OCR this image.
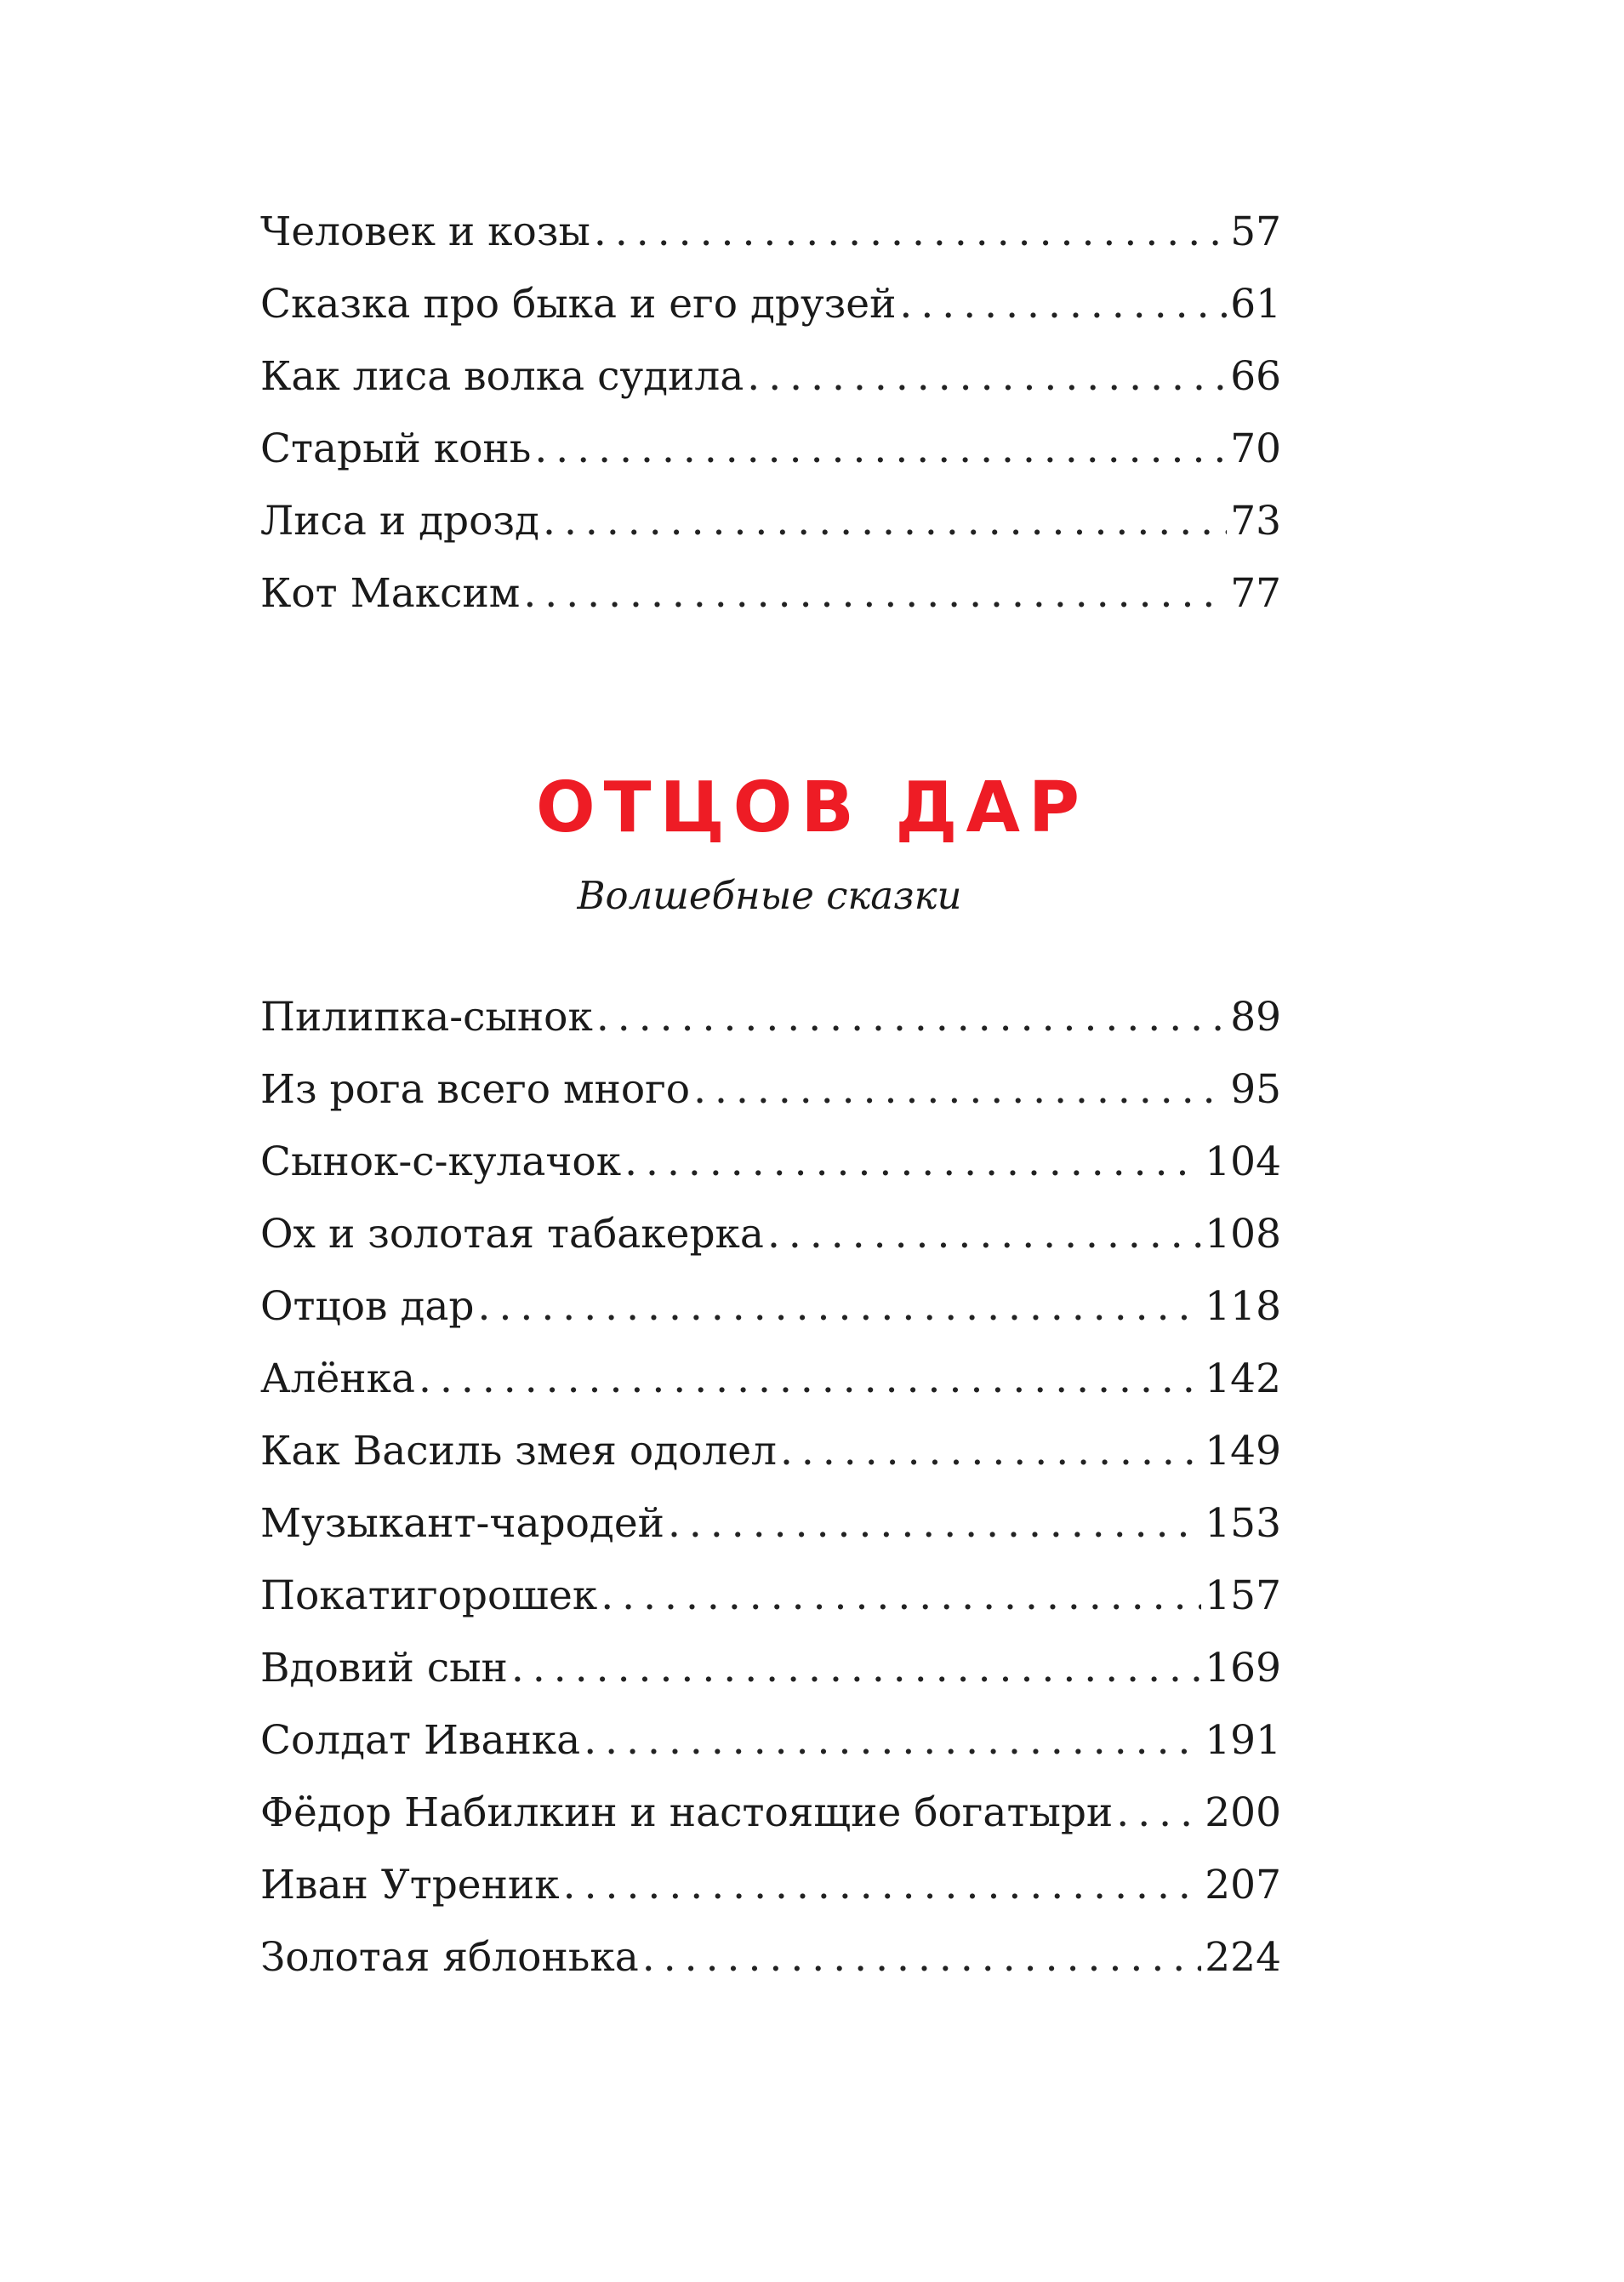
Человек и козы .....	57
Сказка про быка и его друзей .....	61
Как лиса волка судила .....	66
Старый конь .....	70
Лиса и дрозд .....	73
Кот Максим .....	77
ОТЦОВ ДАР

Волшебные сказки

Пилипка-сынок .....	89
Из рога всего много .....	95
Сынок-с-кулачок .....	104
Ох и золотая табакерка .....	108
Отцов дар .....	118
Алёнка .....	142
Как Василь змея одолел .....	149
Музыкант-чародей .....	153
Покатигорошек .....	157
Вдовий сын .....	169
Солдат Иванка .....	191
Фёдор Набилкин и настоящие богатыри ..... 200
Иван Утреник .....	207
Золотая яблонька .....	224
